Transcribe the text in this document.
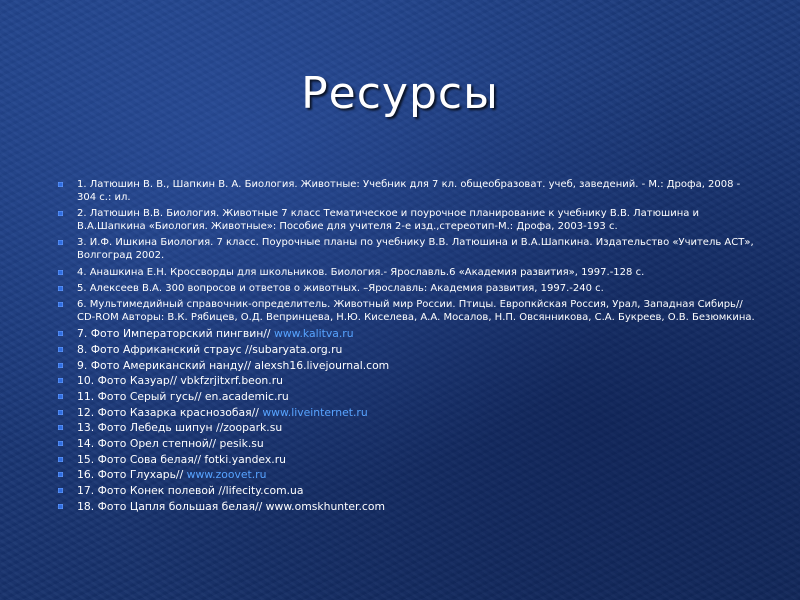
Ресурсы
1. Латюшин В. В., Шапкин В. А. Биология. Животные: Учебник для 7 кл. общеобразоват. учеб, заведений. - М.: Дрофа, 2008 - 304 с.: ил.
2. Латюшин В.В. Биология. Животные 7 класс Тематическое и поурочное планирование к учебнику В.В. Латюшина и В.А.Шапкина «Биология. Животные»: Пособие для учителя 2-е изд.,стереотип-М.: Дрофа, 2003-193 с.
3. И.Ф. Ишкина Биология. 7 класс. Поурочные планы по учебнику В.В. Латюшина и В.А.Шапкина. Издательство «Учитель АСТ», Волгоград 2002.
4. Анашкина Е.Н. Кроссворды для школьников. Биология.- Ярославль.6 «Академия развития», 1997.-128 с.
5. Алексеев В.А. 300 вопросов и ответов о животных. –Ярославль: Академия развития, 1997.-240 с.
6. Мультимедийный справочник-определитель. Животный мир России. Птицы. Европкйская Россия, Урал, Западная Сибирь// CD-ROM Авторы: В.К. Рябицев, О.Д. Вепринцева, Н.Ю. Киселева, А.А. Мосалов, Н.П. Овсянникова, С.А. Букреев, О.В. Безюмкина.
7. Фото Императорский пингвин// www.kalitva.ru
8. Фото Африканский страус //subaryata.org.ru
9. Фото Американский нанду// alexsh16.livejournal.com
10. Фото Казуар// vbkfzrjitxrf.beon.ru
11. Фото Серый гусь// en.academic.ru
12. Фото Казарка краснозобая// www.liveinternet.ru
13. Фото Лебедь шипун //zoopark.su
14. Фото Орел степной// pesik.su
15. Фото Сова белая// fotki.yandex.ru
16. Фото Глухарь// www.zoovet.ru
17. Фото Конек полевой //lifecity.com.ua
18. Фото Цапля большая белая// www.omskhunter.com
